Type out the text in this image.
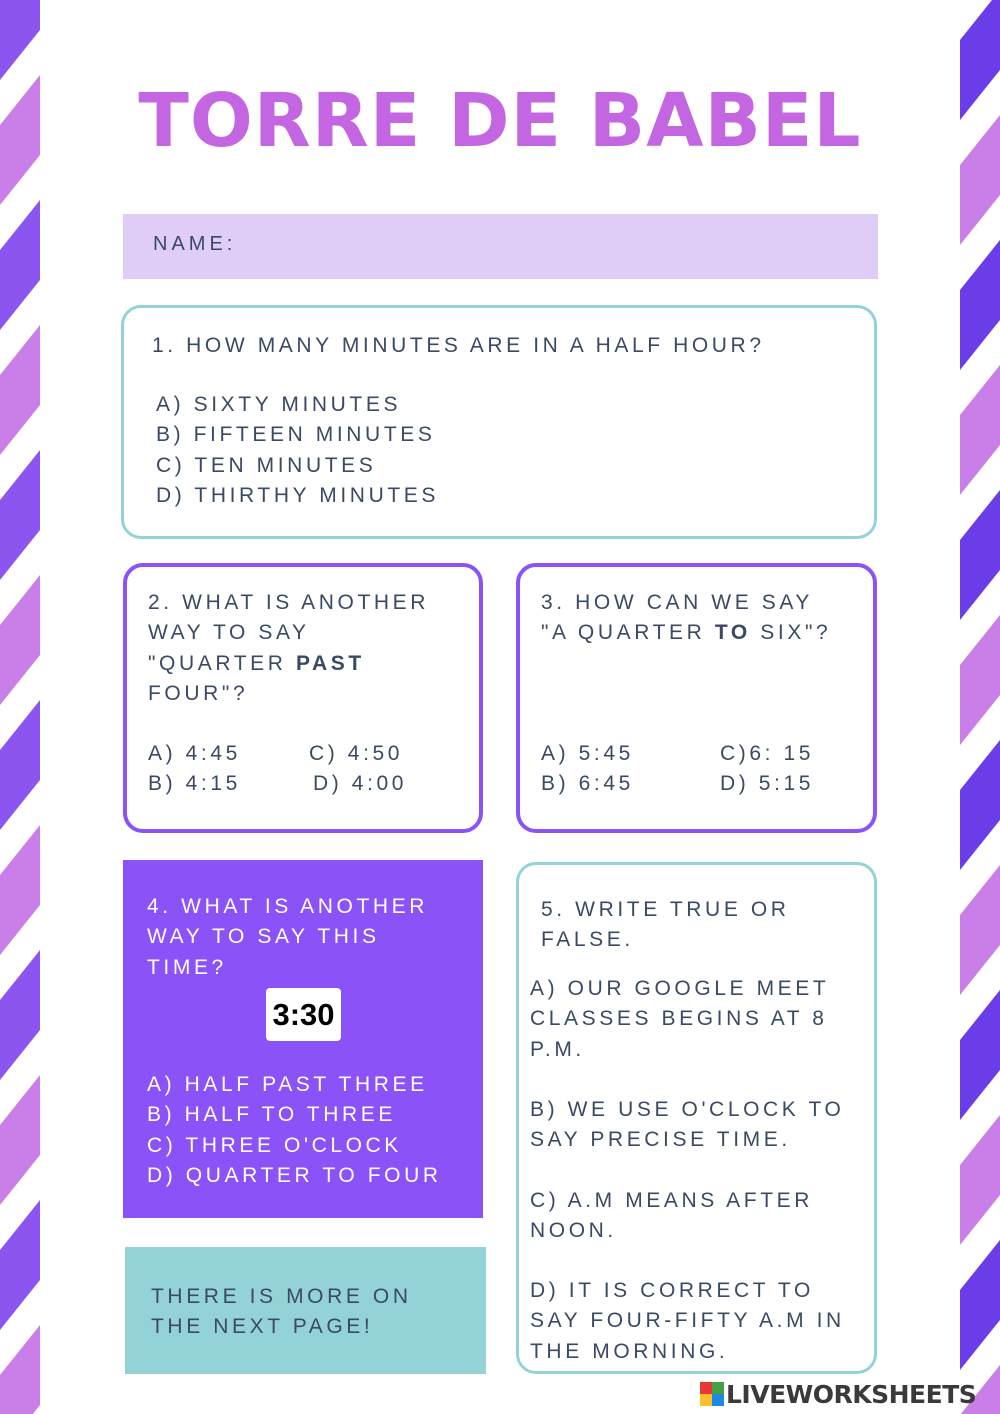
TORRE DE BABEL
NAME:
1. HOW MANY MINUTES ARE IN A HALF HOUR?
A) SIXTY MINUTES
B) FIFTEEN MINUTES
C) TEN MINUTES
D) THIRTHY MINUTES
2. WHAT IS ANOTHER
WAY TO SAY
"QUARTER PAST
FOUR"?
A) 4:45	C) 4:50
B) 4:15	D) 4:00
3. HOW CAN WE SAY
"A QUARTER TO SIX"?
A) 5:45	C)6: 15
B) 6:45	D) 5:15
4. WHAT IS ANOTHER
WAY TO SAY THIS
TIME?
3:30
A) HALF PAST THREE
B) HALF TO THREE
C) THREE O'CLOCK
D) QUARTER TO FOUR
5. WRITE TRUE OR
FALSE.
A) OUR GOOGLE MEET
CLASSES BEGINS AT 8
P.M.
B) WE USE O'CLOCK TO
SAY PRECISE TIME.
C) A.M MEANS AFTER
NOON.
D) IT IS CORRECT TO
SAY FOUR-FIFTY A.M IN
THE MORNING.
THERE IS MORE ON
THE NEXT PAGE!
LIVEWORKSHEETS
